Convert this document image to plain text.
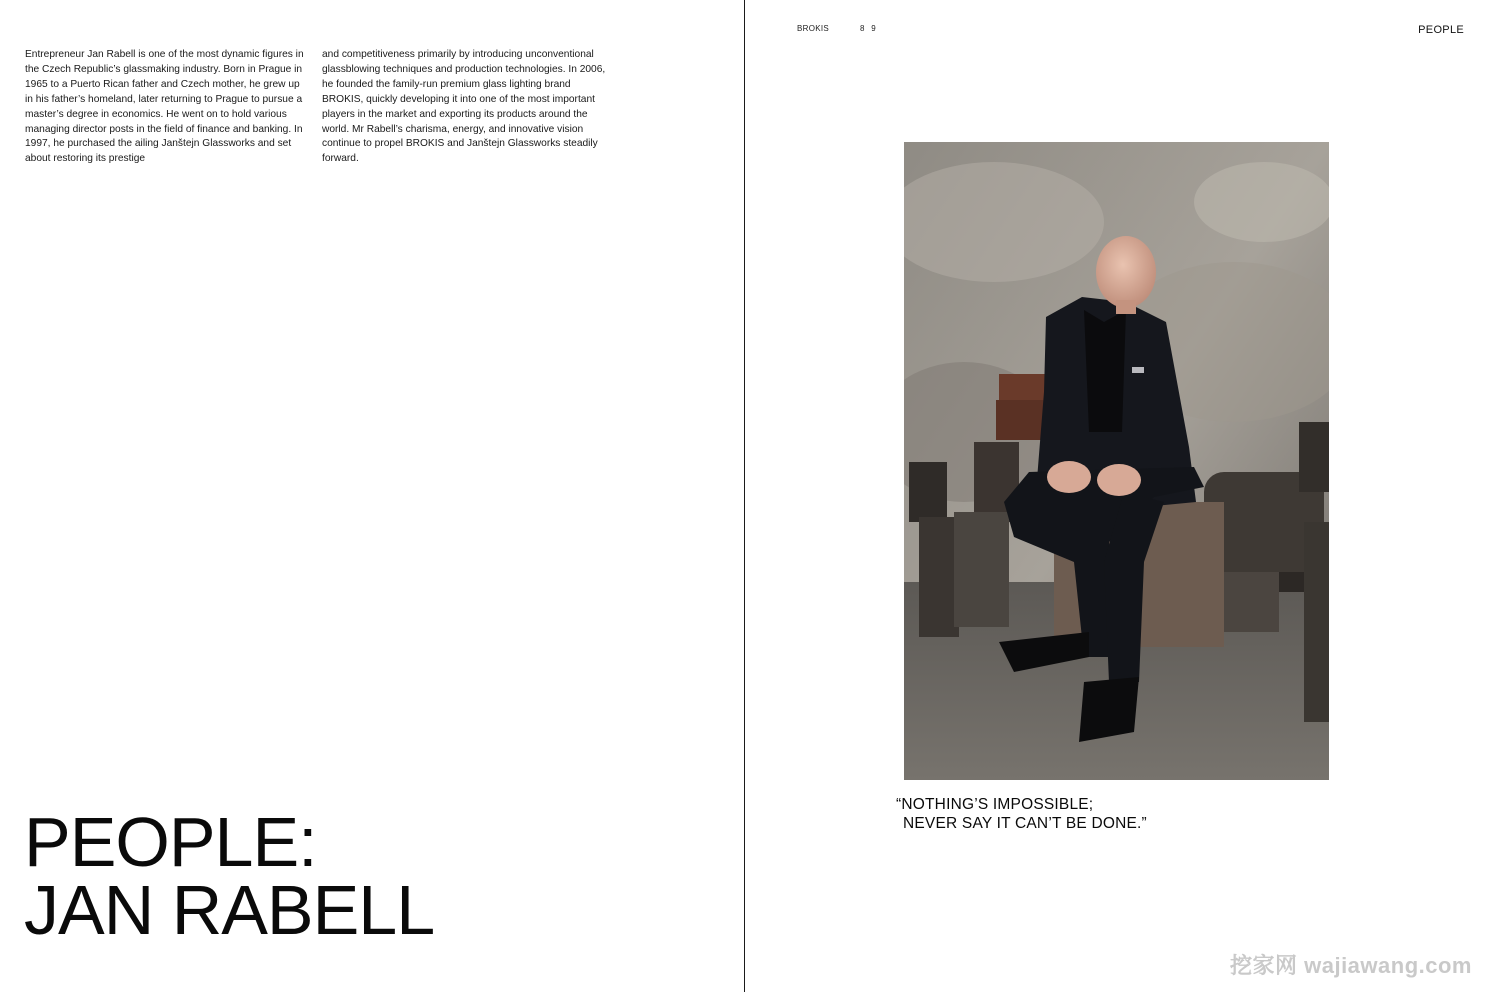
Entrepreneur Jan Rabell is one of the most dynamic figures in the Czech Republic’s glassmaking industry. Born in Prague in 1965 to a Puerto Rican father and Czech mother, he grew up in his father’s homeland, later returning to Prague to pursue a master’s degree in economics. He went on to hold various managing director posts in the field of finance and banking. In 1997, he purchased the ailing Janštejn Glassworks and set about restoring its prestige

and competitiveness primarily by introducing unconventional glassblowing techniques and production technologies. In 2006, he founded the family-run premium glass lighting brand BROKIS, quickly developing it into one of the most important players in the market and exporting its products around the world. Mr Rabell’s charisma, energy, and innovative vision continue to propel BROKIS and Janštejn Glassworks steadily forward.

PEOPLE:
JAN RABELL
BROKIS	8 9	PEOPLE
“NOTHING’S IMPOSSIBLE;
NEVER SAY IT CAN’T BE DONE.”
挖家网 wajiawang.com
